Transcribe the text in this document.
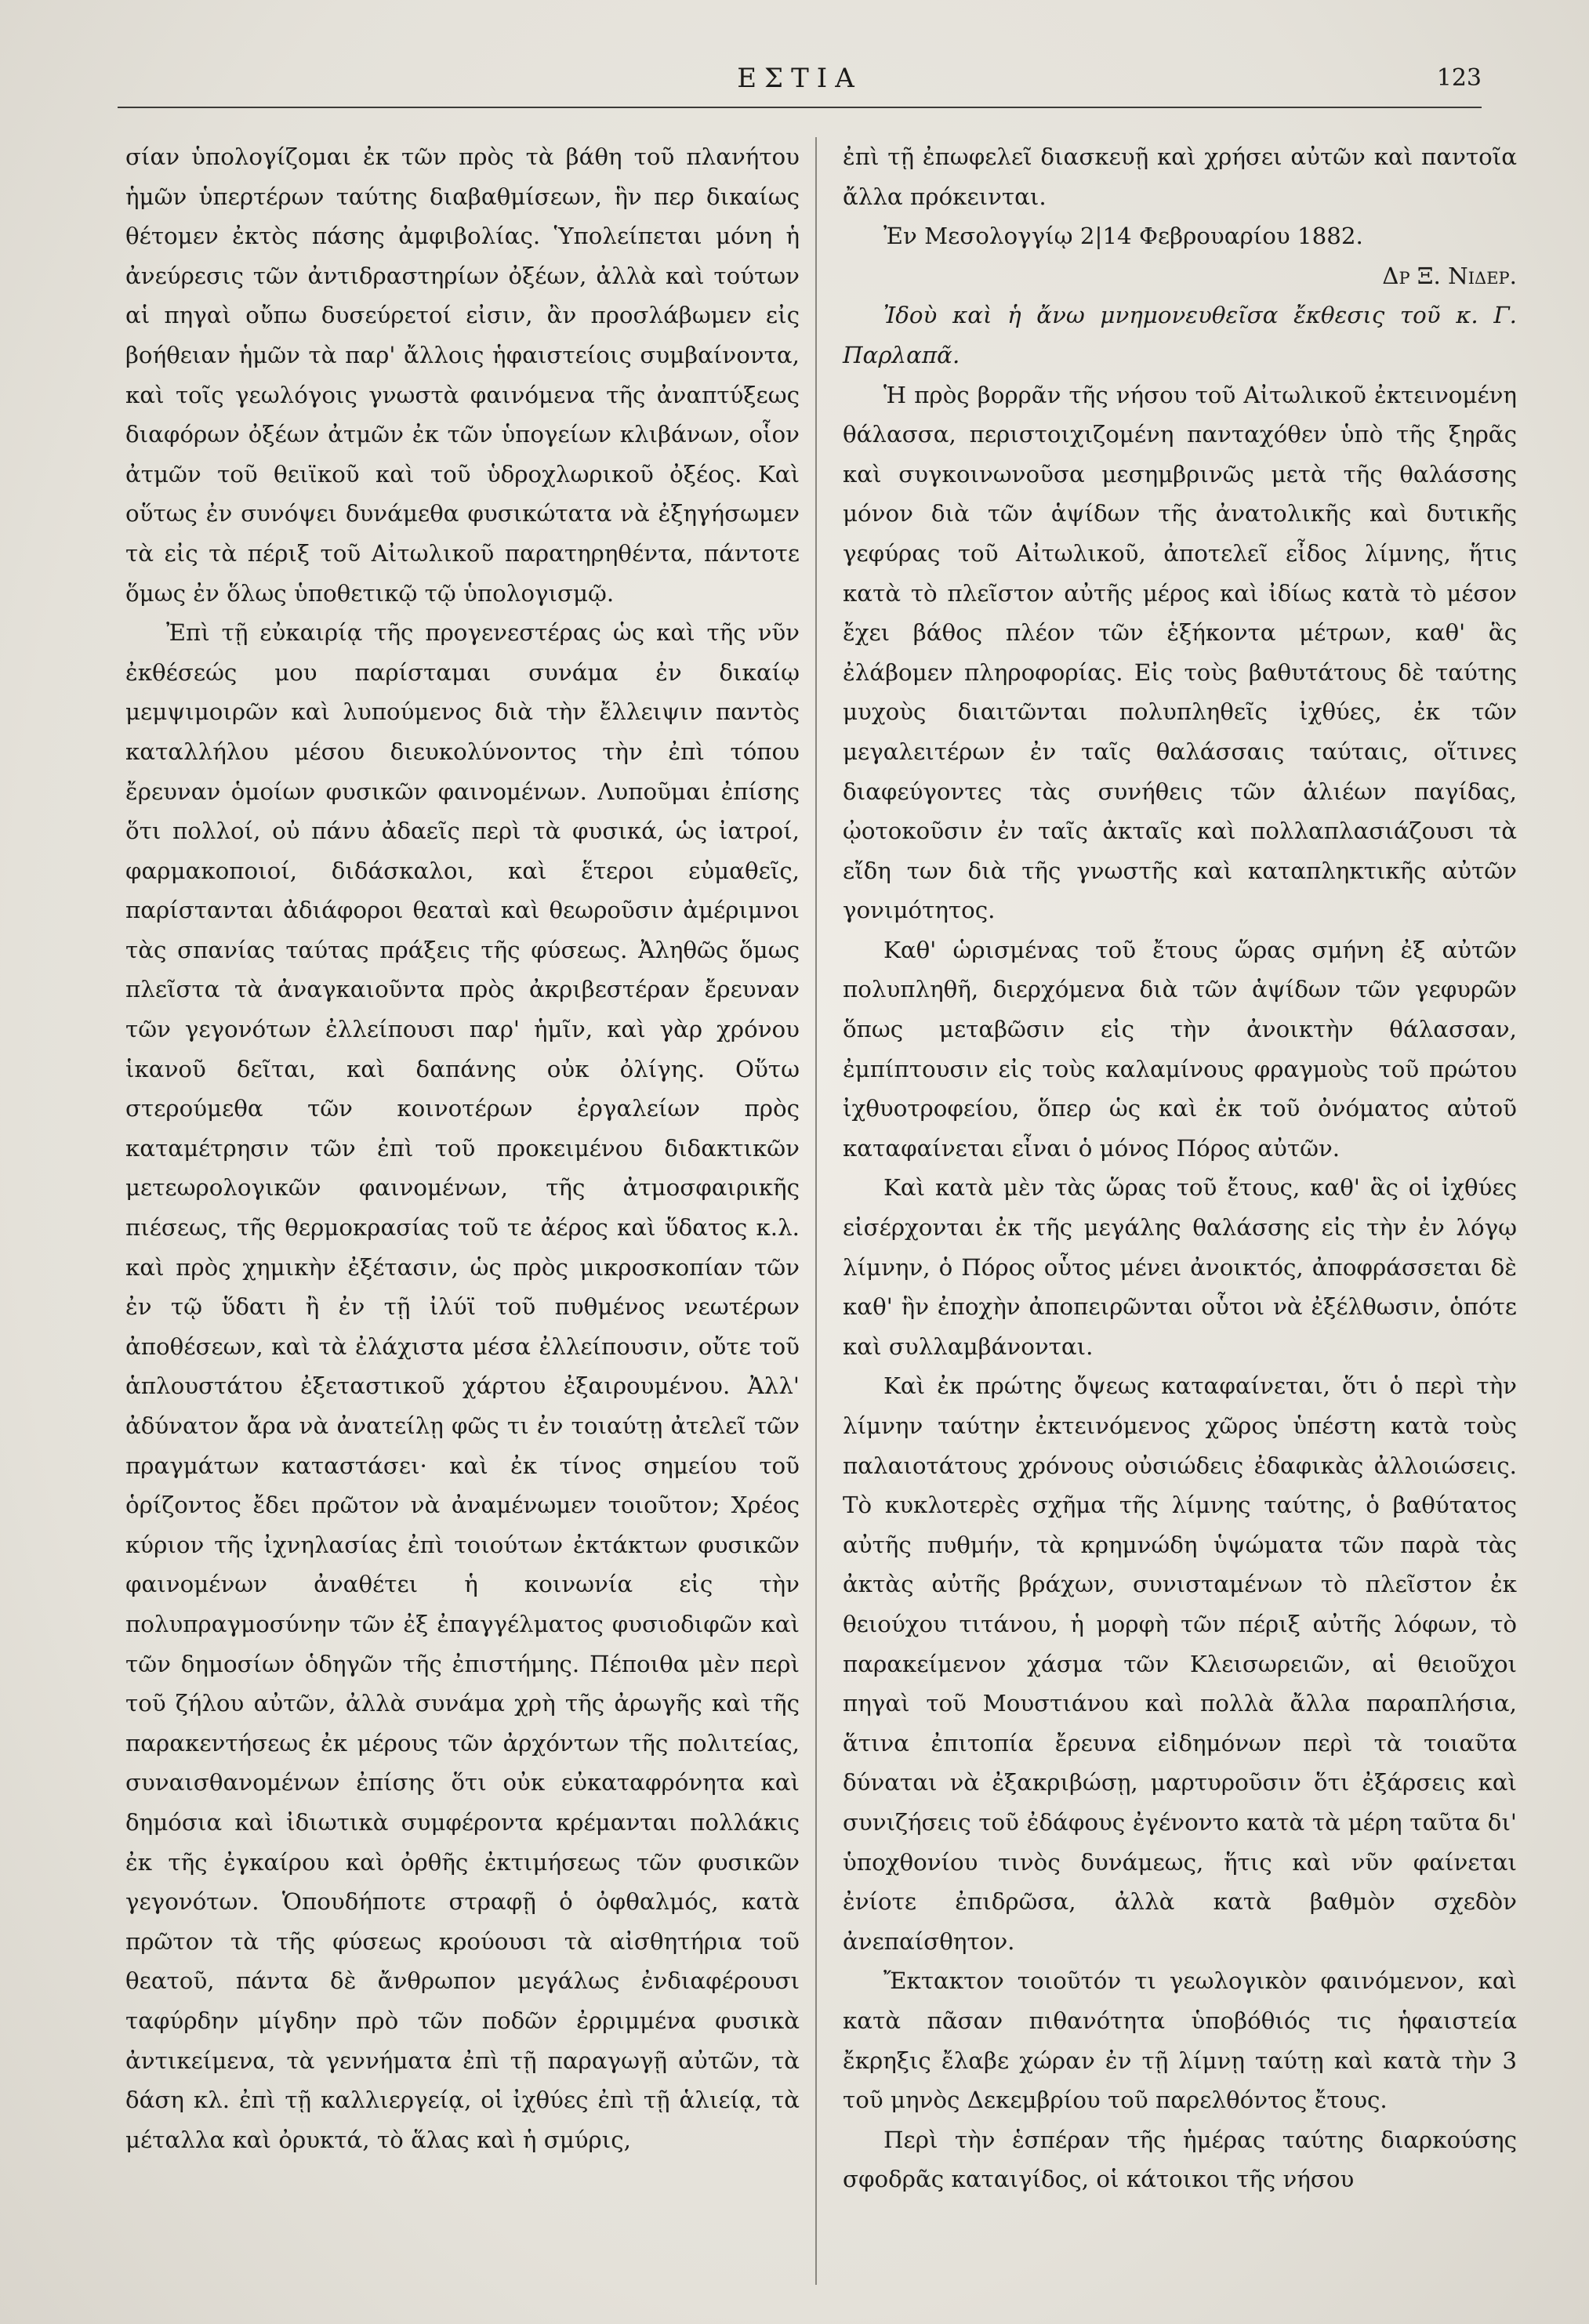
ΕΣΤΙΑ	123

σίαν ὑπολογίζομαι ἐκ τῶν πρὸς τὰ βάθη τοῦ πλανήτου ἡμῶν ὑπερτέρων ταύτης διαβαθμίσεων, ἣν περ δικαίως θέτομεν ἐκτὸς πάσης ἀμφιβολίας. Ὑπολείπεται μόνη ἡ ἀνεύρεσις τῶν ἀντιδραστηρίων ὀξέων, ἀλλὰ καὶ τούτων αἱ πηγαὶ οὔπω δυσεύρετοί εἰσιν, ἂν προσλάβωμεν εἰς βοήθειαν ἡμῶν τὰ παρ' ἄλλοις ἡφαιστείοις συμβαίνοντα, καὶ τοῖς γεωλόγοις γνωστὰ φαινόμενα τῆς ἀναπτύξεως διαφόρων ὀξέων ἀτμῶν ἐκ τῶν ὑπογείων κλιβάνων, οἷον ἀτμῶν τοῦ θειϊκοῦ καὶ τοῦ ὑδροχλωρικοῦ ὀξέος. Καὶ οὕτως ἐν συνόψει δυνάμεθα φυσικώτατα νὰ ἐξηγήσωμεν τὰ εἰς τὰ πέριξ τοῦ Αἰτωλικοῦ παρατηρηθέντα, πάντοτε ὅμως ἐν ὅλως ὑποθετικῷ τῷ ὑπολογισμῷ.

Ἐπὶ τῇ εὐκαιρίᾳ τῆς προγενεστέρας ὡς καὶ τῆς νῦν ἐκθέσεώς μου παρίσταμαι συνάμα ἐν δικαίῳ μεμψιμοιρῶν καὶ λυπούμενος διὰ τὴν ἔλλειψιν παντὸς καταλλήλου μέσου διευκολύνοντος τὴν ἐπὶ τόπου ἔρευναν ὁμοίων φυσικῶν φαινομένων. Λυποῦμαι ἐπίσης ὅτι πολλοί, οὐ πάνυ ἀδαεῖς περὶ τὰ φυσικά, ὡς ἰατροί, φαρμακοποιοί, διδάσκαλοι, καὶ ἕτεροι εὐμαθεῖς, παρίστανται ἀδιάφοροι θεαταὶ καὶ θεωροῦσιν ἀμέριμνοι τὰς σπανίας ταύτας πράξεις τῆς φύσεως. Ἀληθῶς ὅμως πλεῖστα τὰ ἀναγκαιοῦντα πρὸς ἀκριβεστέραν ἔρευναν τῶν γεγονότων ἐλλείπουσι παρ' ἡμῖν, καὶ γὰρ χρόνου ἱκανοῦ δεῖται, καὶ δαπάνης οὐκ ὀλίγης. Οὕτω στερούμεθα τῶν κοινοτέρων ἐργαλείων πρὸς καταμέτρησιν τῶν ἐπὶ τοῦ προκειμένου διδακτικῶν μετεωρολογικῶν φαινομένων, τῆς ἀτμοσφαιρικῆς πιέσεως, τῆς θερμοκρασίας τοῦ τε ἀέρος καὶ ὕδατος κ.λ. καὶ πρὸς χημικὴν ἐξέτασιν, ὡς πρὸς μικροσκοπίαν τῶν ἐν τῷ ὕδατι ἢ ἐν τῇ ἰλύϊ τοῦ πυθμένος νεωτέρων ἀποθέσεων, καὶ τὰ ἐλάχιστα μέσα ἐλλείπουσιν, οὔτε τοῦ ἁπλουστάτου ἐξεταστικοῦ χάρτου ἐξαιρουμένου. Ἀλλ' ἀδύνατον ἄρα νὰ ἀνατείλῃ φῶς τι ἐν τοιαύτῃ ἀτελεῖ τῶν πραγμάτων καταστάσει· καὶ ἐκ τίνος σημείου τοῦ ὁρίζοντος ἔδει πρῶτον νὰ ἀναμένωμεν τοιοῦτον; Χρέος κύριον τῆς ἰχνηλασίας ἐπὶ τοιούτων ἐκτάκτων φυσικῶν φαινομένων ἀναθέτει ἡ κοινωνία εἰς τὴν πολυπραγμοσύνην τῶν ἐξ ἐπαγγέλματος φυσιοδιφῶν καὶ τῶν δημοσίων ὁδηγῶν τῆς ἐπιστήμης. Πέποιθα μὲν περὶ τοῦ ζήλου αὐτῶν, ἀλλὰ συνάμα χρὴ τῆς ἀρωγῆς καὶ τῆς παρακεντήσεως ἐκ μέρους τῶν ἀρχόντων τῆς πολιτείας, συναισθανομένων ἐπίσης ὅτι οὐκ εὐκαταφρόνητα καὶ δημόσια καὶ ἰδιωτικὰ συμφέροντα κρέμανται πολλάκις ἐκ τῆς ἐγκαίρου καὶ ὀρθῆς ἐκτιμήσεως τῶν φυσικῶν γεγονότων. Ὁπουδήποτε στραφῇ ὁ ὀφθαλμός, κατὰ πρῶτον τὰ τῆς φύσεως κρούουσι τὰ αἰσθητήρια τοῦ θεατοῦ, πάντα δὲ ἄνθρωπον μεγάλως ἐνδιαφέρουσι ταφύρδην μίγδην πρὸ τῶν ποδῶν ἐρριμμένα φυσικὰ ἀντικείμενα, τὰ γεννήματα ἐπὶ τῇ παραγωγῇ αὐτῶν, τὰ δάση κλ. ἐπὶ τῇ καλλιεργείᾳ, οἱ ἰχθύες ἐπὶ τῇ ἁλιείᾳ, τὰ μέταλλα καὶ ὀρυκτά, τὸ ἅλας καὶ ἡ σμύρις,

ἐπὶ τῇ ἐπωφελεῖ διασκευῇ καὶ χρήσει αὐτῶν καὶ παντοῖα ἄλλα πρόκεινται.

Ἐν Μεσολογγίῳ 2|14 Φεβρουαρίου 1882.

Δρ Ξ. Νιδερ.

Ἰδοὺ καὶ ἡ ἄνω μνημονευθεῖσα ἔκθεσις τοῦ κ. Γ. Παρλαπᾶ.

Ἡ πρὸς βορρᾶν τῆς νήσου τοῦ Αἰτωλικοῦ ἐκτεινομένη θάλασσα, περιστοιχιζομένη πανταχόθεν ὑπὸ τῆς ξηρᾶς καὶ συγκοινωνοῦσα μεσημβρινῶς μετὰ τῆς θαλάσσης μόνον διὰ τῶν ἁψίδων τῆς ἀνατολικῆς καὶ δυτικῆς γεφύρας τοῦ Αἰτωλικοῦ, ἀποτελεῖ εἶδος λίμνης, ἥτις κατὰ τὸ πλεῖστον αὐτῆς μέρος καὶ ἰδίως κατὰ τὸ μέσον ἔχει βάθος πλέον τῶν ἑξήκοντα μέτρων, καθ' ἃς ἐλάβομεν πληροφορίας. Εἰς τοὺς βαθυτάτους δὲ ταύτης μυχοὺς διαιτῶνται πολυπληθεῖς ἰχθύες, ἐκ τῶν μεγαλειτέρων ἐν ταῖς θαλάσσαις ταύταις, οἵτινες διαφεύγοντες τὰς συνήθεις τῶν ἁλιέων παγίδας, ᾠοτοκοῦσιν ἐν ταῖς ἀκταῖς καὶ πολλαπλασιάζουσι τὰ εἴδη των διὰ τῆς γνωστῆς καὶ καταπληκτικῆς αὐτῶν γονιμότητος.

Καθ' ὡρισμένας τοῦ ἔτους ὥρας σμήνη ἐξ αὐτῶν πολυπληθῆ, διερχόμενα διὰ τῶν ἁψίδων τῶν γεφυρῶν ὅπως μεταβῶσιν εἰς τὴν ἀνοικτὴν θάλασσαν, ἐμπίπτουσιν εἰς τοὺς καλαμίνους φραγμοὺς τοῦ πρώτου ἰχθυοτροφείου, ὅπερ ὡς καὶ ἐκ τοῦ ὀνόματος αὐτοῦ καταφαίνεται εἶναι ὁ μόνος Πόρος αὐτῶν.

Καὶ κατὰ μὲν τὰς ὥρας τοῦ ἔτους, καθ' ἃς οἱ ἰχθύες εἰσέρχονται ἐκ τῆς μεγάλης θαλάσσης εἰς τὴν ἐν λόγῳ λίμνην, ὁ Πόρος οὗτος μένει ἀνοικτός, ἀποφράσσεται δὲ καθ' ἣν ἐποχὴν ἀποπειρῶνται οὗτοι νὰ ἐξέλθωσιν, ὁπότε καὶ συλλαμβάνονται.

Καὶ ἐκ πρώτης ὄψεως καταφαίνεται, ὅτι ὁ περὶ τὴν λίμνην ταύτην ἐκτεινόμενος χῶρος ὑπέστη κατὰ τοὺς παλαιοτάτους χρόνους οὐσιώδεις ἐδαφικὰς ἀλλοιώσεις. Τὸ κυκλοτερὲς σχῆμα τῆς λίμνης ταύτης, ὁ βαθύτατος αὐτῆς πυθμήν, τὰ κρημνώδη ὑψώματα τῶν παρὰ τὰς ἀκτὰς αὐτῆς βράχων, συνισταμένων τὸ πλεῖστον ἐκ θειούχου τιτάνου, ἡ μορφὴ τῶν πέριξ αὐτῆς λόφων, τὸ παρακείμενον χάσμα τῶν Κλεισωρειῶν, αἱ θειοῦχοι πηγαὶ τοῦ Μουστιάνου καὶ πολλὰ ἄλλα παραπλήσια, ἅτινα ἐπιτοπία ἔρευνα εἰδημόνων περὶ τὰ τοιαῦτα δύναται νὰ ἐξακριβώσῃ, μαρτυροῦσιν ὅτι ἐξάρσεις καὶ συνιζήσεις τοῦ ἐδάφους ἐγένοντο κατὰ τὰ μέρη ταῦτα δι' ὑποχθονίου τινὸς δυνάμεως, ἥτις καὶ νῦν φαίνεται ἐνίοτε ἐπιδρῶσα, ἀλλὰ κατὰ βαθμὸν σχεδὸν ἀνεπαίσθητον.

Ἔκτακτον τοιοῦτόν τι γεωλογικὸν φαινόμενον, καὶ κατὰ πᾶσαν πιθανότητα ὑποβόθιός τις ἡφαιστεία ἔκρηξις ἔλαβε χώραν ἐν τῇ λίμνῃ ταύτῃ καὶ κατὰ τὴν 3 τοῦ μηνὸς Δεκεμβρίου τοῦ παρελθόντος ἔτους.

Περὶ τὴν ἑσπέραν τῆς ἡμέρας ταύτης διαρκούσης σφοδρᾶς καταιγίδος, οἱ κάτοικοι τῆς νήσου
